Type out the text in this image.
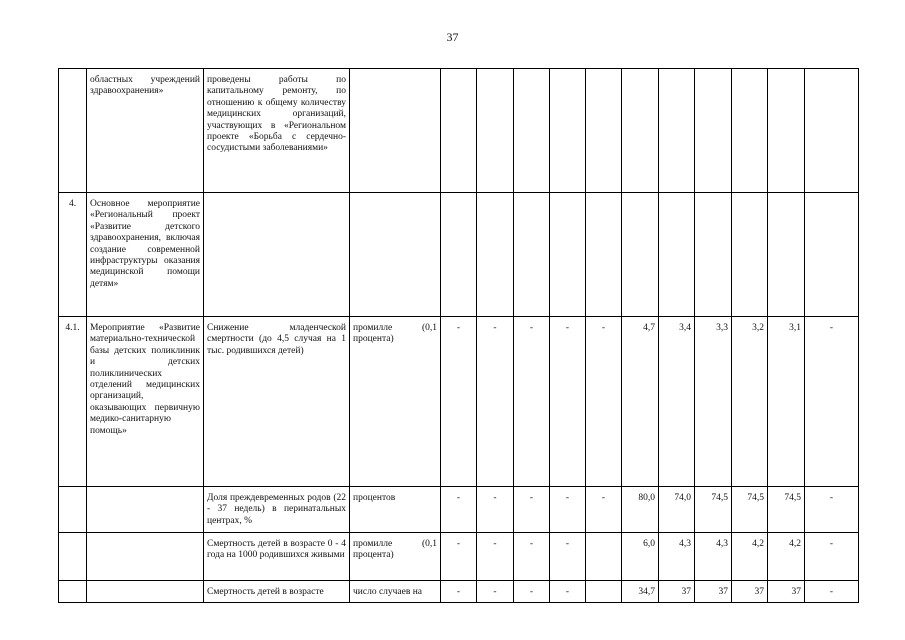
37
	областных учреждений здравоохранения»	проведены работы по капитальному ремонту, по отношению к общему количеству медицинских организаций, участвующих в «Региональном проекте «Борьба с сердечно-сосудистыми заболеваниями»												
4.	Основное мероприятие «Региональный проект «Развитие детского здравоохранения, включая создание современной инфраструктуры оказания медицинской помощи детям»													
4.1.	Мероприятие «Развитие материально-технической базы детских поликлиник и детских поликлинических отделений медицинских организаций, оказывающих первичную медико-санитарную помощь»	Снижение младенческой смертности (до 4,5 случая на 1 тыс. родившихся детей)	промилле (0,1 процента)	-	-	-	-	-	4,7	3,4	3,3	3,2	3,1	-
		Доля преждевременных родов (22 - 37 недель) в перинатальных центрах, %	процентов	-	-	-	-	-	80,0	74,0	74,5	74,5	74,5	-
		Смертность детей в возрасте 0 - 4 года на 1000 родившихся живыми	промилле (0,1 процента)	-	-	-	-		6,0	4,3	4,3	4,2	4,2	-
		Смертность детей в возрасте	число случаев на	-	-	-	-		34,7	37	37	37	37	-
